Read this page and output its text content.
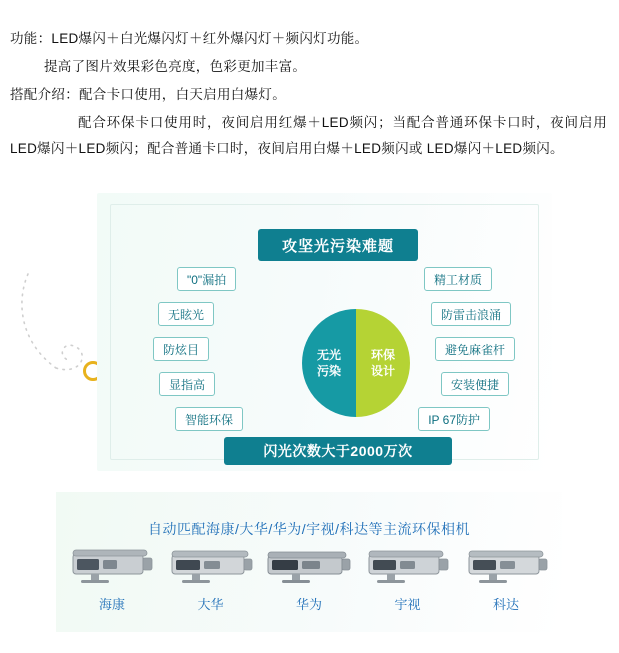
功能：LED爆闪＋白光爆闪灯＋红外爆闪灯＋频闪灯功能。

提高了图片效果彩色亮度，色彩更加丰富。

搭配介绍：配合卡口使用，白天启用白爆灯。

配合环保卡口使用时，夜间启用红爆＋LED频闪；当配合普通环保卡口时，夜间启用LED爆闪＋LED频闪；配合普通卡口时，夜间启用白爆＋LED频闪或 LED爆闪＋LED频闪。

攻坚光污染难题
"0"漏拍
无眩光
防炫目
显指高
智能环保
精工材质
防雷击浪涌
避免麻雀杆
安装便捷
IP 67防护
无光
污染
环保
设计
闪光次数大于2000万次
自动匹配海康/大华/华为/宇视/科达等主流环保相机
海康	大华	华为	宇视	科达
